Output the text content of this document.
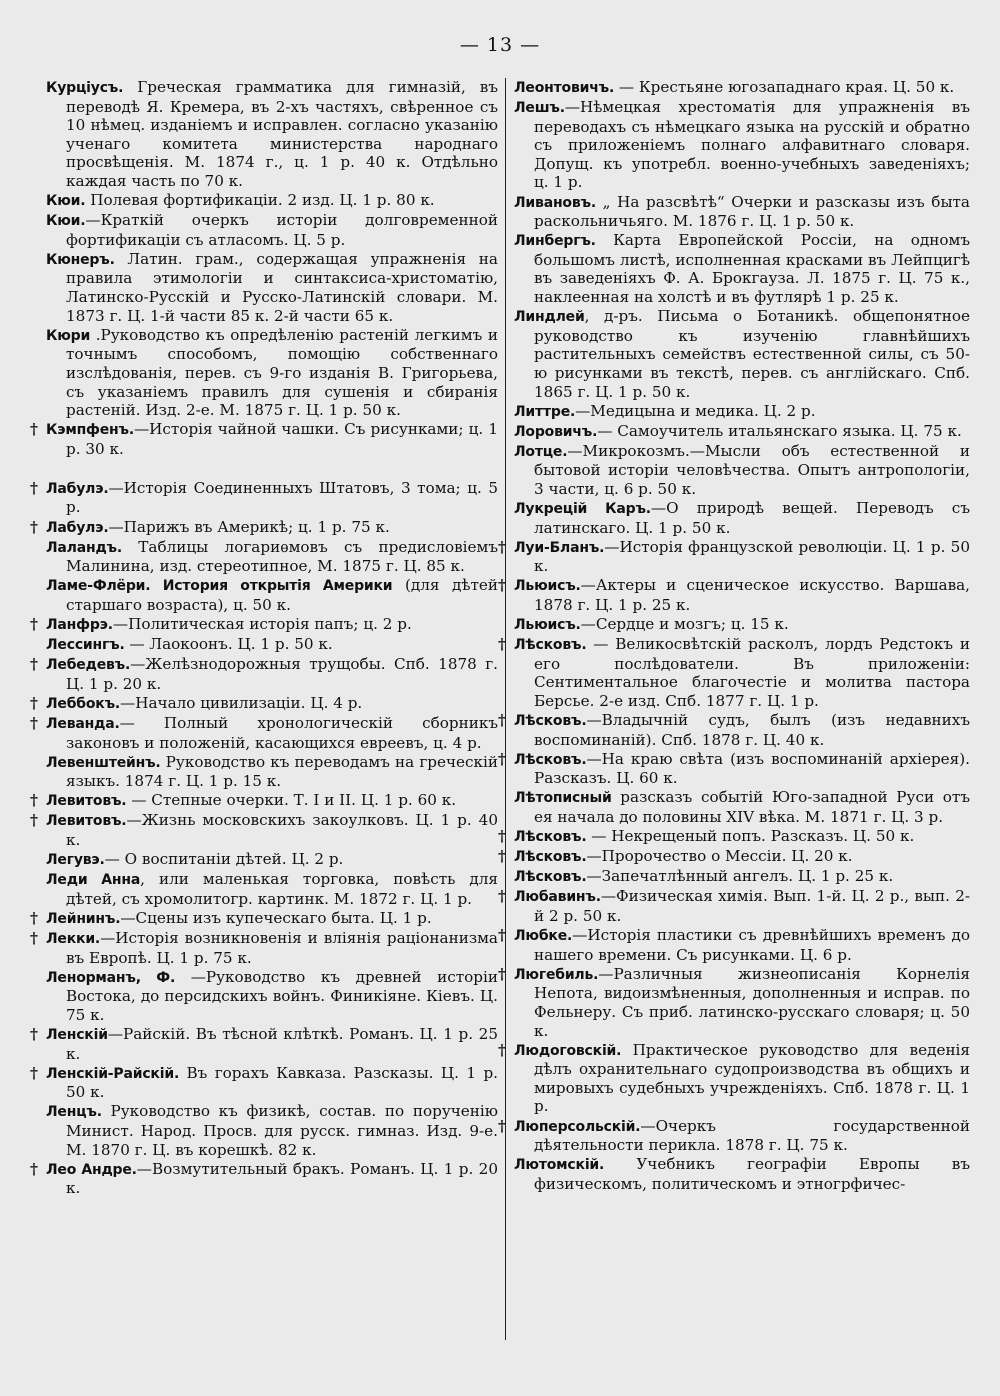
— 13 —
Курціусъ. Греческая грамматика для гимназій, въ переводѣ Я. Кремера, въ 2-хъ частяхъ, свѣренное съ 10 нѣмец. изданіемъ и исправлен. согласно указанію ученаго комитета министерства народнаго просвѣщенія. М. 1874 г., ц. 1 р. 40 к. Отдѣльно каждая часть по 70 к.
Кюи. Полевая фортификаціи. 2 изд. Ц. 1 р. 80 к.
Кюи.—Краткій очеркъ исторіи долговременной фортификаціи съ атласомъ. Ц. 5 р.
Кюнеръ. Латин. грам., содержащая упражненія на правила этимологіи и синтаксиса-христоматію, Латинско-Русскій и Русско-Латинскій словари. М. 1873 г. Ц. 1-й части 85 к. 2-й части 65 к.
Кюри .Руководство къ опредѣленію растеній легкимъ и точнымъ способомъ, помощію собственнаго изслѣдованія, перев. съ 9-го изданія В. Григорьева, съ указаніемъ правилъ для сушенія и сбиранія растеній. Изд. 2-е. М. 1875 г. Ц. 1 р. 50 к.
† Кэмпфенъ.—Исторія чайной чашки. Съ рисунками; ц. 1 р. 30 к.
† Лабулэ.—Исторія Соединенныхъ Штатовъ, 3 тома; ц. 5 р.
† Лабулэ.—Парижъ въ Америкѣ; ц. 1 р. 75 к.
Лаландъ. Таблицы логариѳмовъ съ предисловіемъ Малинина, изд. стереотипное, М. 1875 г. Ц. 85 к.
Ламе-Флёри. История открытія Америки (для дѣтей старшаго возраста), ц. 50 к.
† Ланфрэ.—Политическая исторія папъ; ц. 2 р.
Лессингъ. — Лаокоонъ. Ц. 1 р. 50 к.
† Лебедевъ.—Желѣзнодорожныя трущобы. Спб. 1878 г. Ц. 1 р. 20 к.
† Леббокъ.—Начало цивилизаціи. Ц. 4 р.
† Леванда.— Полный хронологическій сборникъ законовъ и положеній, касающихся евреевъ, ц. 4 р.
Левенштейнъ. Руководство къ переводамъ на греческій языкъ. 1874 г. Ц. 1 р. 15 к.
† Левитовъ. — Степные очерки. Т. I и II. Ц. 1 р. 60 к.
† Левитовъ.—Жизнь московскихъ закоулковъ. Ц. 1 р. 40 к.
Легувэ.— О воспитаніи дѣтей. Ц. 2 р.
Леди Анна, или маленькая торговка, повѣсть для дѣтей, съ хромолитогр. картинк. М. 1872 г. Ц. 1 р.
† Лейнинъ.—Сцены изъ купеческаго быта. Ц. 1 р.
† Лекки.—Исторія возникновенія и вліянія раціонанизма въ Европѣ. Ц. 1 р. 75 к.
Ленорманъ, Ф. —Руководство къ древней исторіи Востока, до персидскихъ войнъ. Финикіяне. Кіевъ. Ц. 75 к.
† Ленскій—Райскій. Въ тѣсной клѣткѣ. Романъ. Ц. 1 р. 25 к.
† Ленскій-Райскій. Въ горахъ Кавказа. Разсказы. Ц. 1 р. 50 к.
Ленцъ. Руководство къ физикѣ, состав. по порученію Минист. Народ. Просв. для русск. гимназ. Изд. 9-е. М. 1870 г. Ц. въ корешкѣ. 82 к.
† Лео Андре.—Возмутительный бракъ. Романъ. Ц. 1 р. 20 к.
Леонтовичъ. — Крестьяне югозападнаго края. Ц. 50 к.
Лешъ.—Нѣмецкая хрестоматія для упражненія въ переводахъ съ нѣмецкаго языка на русскій и обратно съ приложеніемъ полнаго алфавитнаго словаря. Допущ. къ употребл. военно-учебныхъ заведеніяхъ; ц. 1 р.
Ливановъ. „ На разсвѣтѣ“ Очерки и разсказы изъ быта раскольничьяго. М. 1876 г. Ц. 1 р. 50 к.
Линбергъ. Карта Европейской Россіи, на одномъ большомъ листѣ, исполненная красками въ Лейпцигѣ въ заведеніяхъ Ф. А. Брокгауза. Л. 1875 г. Ц. 75 к., наклеенная на холстѣ и въ футлярѣ 1 р. 25 к.
Линдлей, д-ръ. Письма о Ботаникѣ. общепонятное руководство къ изученію главнѣйшихъ растительныхъ семействъ естественной силы, съ 50-ю рисунками въ текстѣ, перев. съ англійскаго. Спб. 1865 г. Ц. 1 р. 50 к.
Литтре.—Медицына и медика. Ц. 2 р.
Лоровичъ.— Самоучитель итальянскаго языка. Ц. 75 к.
Лотце.—Микрокозмъ.—Мысли объ естественной и бытовой исторіи человѣчества. Опытъ антропологіи, 3 части, ц. 6 р. 50 к.
Лукрецій Каръ.—О природѣ вещей. Переводъ съ латинскаго. Ц. 1 р. 50 к.
† Луи-Бланъ.—Исторія французской революціи. Ц. 1 р. 50 к.
† Льюисъ.—Актеры и сценическое искусство. Варшава, 1878 г. Ц. 1 р. 25 к.
Льюисъ.—Сердце и мозгъ; ц. 15 к.
† Лѣсковъ. — Великосвѣтскій расколъ, лордъ Редстокъ и его послѣдователи. Въ приложеніи: Сентиментальное благочестіе и молитва пастора Берсье. 2-е изд. Спб. 1877 г. Ц. 1 р.
† Лѣсковъ.—Владычній судъ, былъ (изъ недавнихъ воспоминаній). Спб. 1878 г. Ц. 40 к.
† Лѣсковъ.—На краю свѣта (изъ воспоминаній архіерея). Разсказъ. Ц. 60 к.
Лѣтописный разсказъ событій Юго-западной Руси отъ ея начала до половины XIV вѣка. М. 1871 г. Ц. 3 р.
† Лѣсковъ. — Некрещеный попъ. Разсказъ. Ц. 50 к.
† Лѣсковъ.—Пророчество о Мессіи. Ц. 20 к.
Лѣсковъ.—Запечатлѣнный ангелъ. Ц. 1 р. 25 к.
† Любавинъ.—Физическая химія. Вып. 1-й. Ц. 2 р., вып. 2-й 2 р. 50 к.
† Любке.—Исторія пластики съ древнѣйшихъ временъ до нашего времени. Съ рисунками. Ц. 6 р.
† Люгебиль.—Различныя жизнеописанія Корнелія Непота, видоизмѣненныя, дополненныя и исправ. по Фельнеру. Съ приб. латинско-русскаго словаря; ц. 50 к.
† Людоговскій. Практическое руководство для веденія дѣлъ охранительнаго судопроизводства въ общихъ и мировыхъ судебныхъ учрежденіяхъ. Спб. 1878 г. Ц. 1 р.
† Люперсольскій.—Очеркъ государственной дѣятельности перикла. 1878 г. Ц. 75 к.
Лютомскій. Учебникъ географіи Европы въ физическомъ, политическомъ и этногрфичес-
